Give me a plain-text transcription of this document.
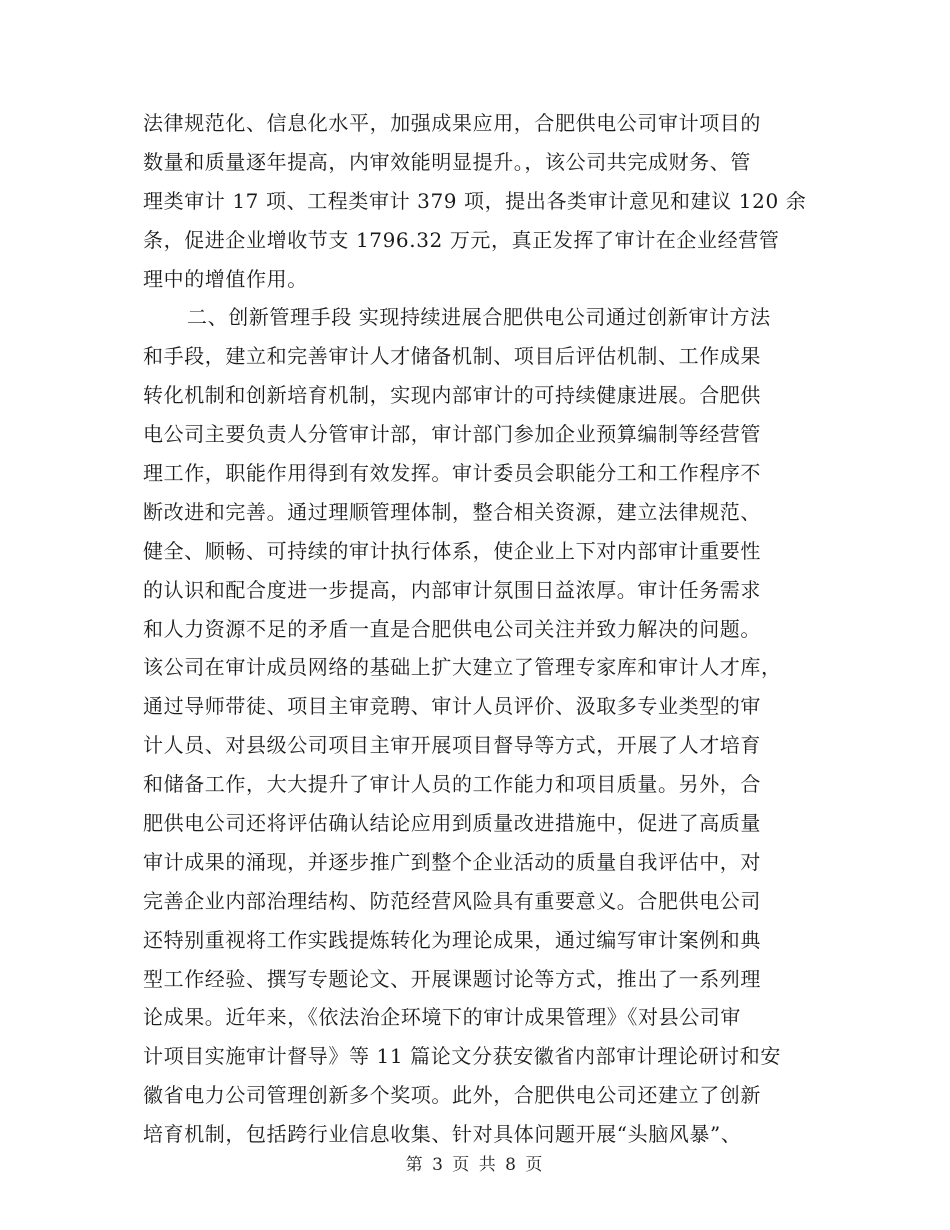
法律规范化、信息化水平，加强成果应用，合肥供电公司审计项目的
数量和质量逐年提高，内审效能明显提升。，该公司共完成财务、管
理类审计 17 项、工程类审计 379 项，提出各类审计意见和建议 120 余
条，促进企业增收节支 1796.32 万元，真正发挥了审计在企业经营管
理中的增值作用。
二、创新管理手段 实现持续进展合肥供电公司通过创新审计方法
和手段，建立和完善审计人才储备机制、项目后评估机制、工作成果
转化机制和创新培育机制，实现内部审计的可持续健康进展。合肥供
电公司主要负责人分管审计部，审计部门参加企业预算编制等经营管
理工作，职能作用得到有效发挥。审计委员会职能分工和工作程序不
断改进和完善。通过理顺管理体制，整合相关资源，建立法律规范、
健全、顺畅、可持续的审计执行体系，使企业上下对内部审计重要性
的认识和配合度进一步提高，内部审计氛围日益浓厚。审计任务需求
和人力资源不足的矛盾一直是合肥供电公司关注并致力解决的问题。
该公司在审计成员网络的基础上扩大建立了管理专家库和审计人才库，
通过导师带徒、项目主审竞聘、审计人员评价、汲取多专业类型的审
计人员、对县级公司项目主审开展项目督导等方式，开展了人才培育
和储备工作，大大提升了审计人员的工作能力和项目质量。另外，合
肥供电公司还将评估确认结论应用到质量改进措施中，促进了高质量
审计成果的涌现，并逐步推广到整个企业活动的质量自我评估中，对
完善企业内部治理结构、防范经营风险具有重要意义。合肥供电公司
还特别重视将工作实践提炼转化为理论成果，通过编写审计案例和典
型工作经验、撰写专题论文、开展课题讨论等方式，推出了一系列理
论成果。近年来，《依法治企环境下的审计成果管理》《对县公司审
计项目实施审计督导》等 11 篇论文分获安徽省内部审计理论研讨和安
徽省电力公司管理创新多个奖项。此外，合肥供电公司还建立了创新
培育机制，包括跨行业信息收集、针对具体问题开展“头脑风暴”、
第 3 页 共 8 页
